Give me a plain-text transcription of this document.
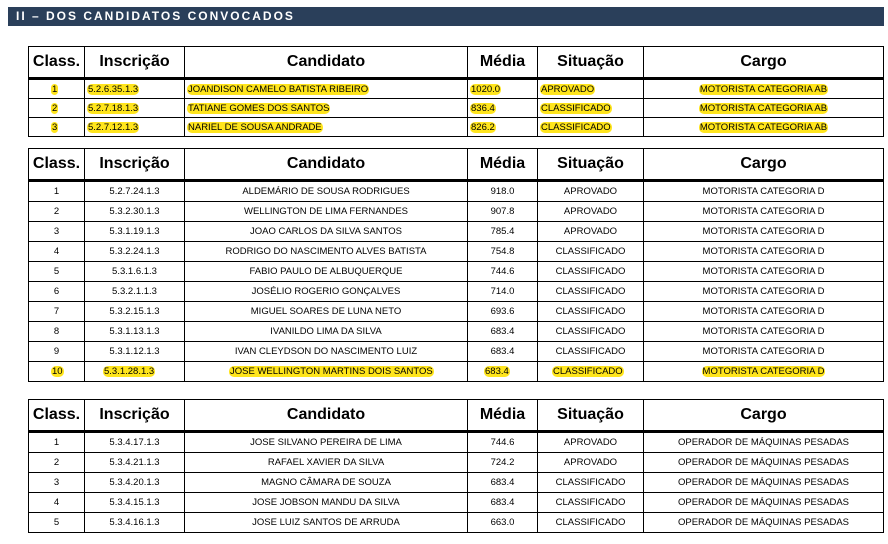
II – DOS CANDIDATOS CONVOCADOS
Class.	Inscrição	Candidato	Média	Situação	Cargo
1	5.2.6.35.1.3	JOANDISON CAMELO BATISTA RIBEIRO	1020.0	APROVADO	MOTORISTA CATEGORIA AB
2	5.2.7.18.1.3	TATIANE GOMES DOS SANTOS	836.4	CLASSIFICADO	MOTORISTA CATEGORIA AB
3	5.2.7.12.1.3	NARIEL DE SOUSA ANDRADE	826.2	CLASSIFICADO	MOTORISTA CATEGORIA AB
Class.	Inscrição	Candidato	Média	Situação	Cargo
1	5.2.7.24.1.3	ALDEMÁRIO DE SOUSA RODRIGUES	918.0	APROVADO	MOTORISTA CATEGORIA D
2	5.3.2.30.1.3	WELLINGTON DE LIMA FERNANDES	907.8	APROVADO	MOTORISTA CATEGORIA D
3	5.3.1.19.1.3	JOAO CARLOS DA SILVA SANTOS	785.4	APROVADO	MOTORISTA CATEGORIA D
4	5.3.2.24.1.3	RODRIGO DO NASCIMENTO ALVES BATISTA	754.8	CLASSIFICADO	MOTORISTA CATEGORIA D
5	5.3.1.6.1.3	FABIO PAULO DE ALBUQUERQUE	744.6	CLASSIFICADO	MOTORISTA CATEGORIA D
6	5.3.2.1.1.3	JOSÉLIO ROGERIO GONÇALVES	714.0	CLASSIFICADO	MOTORISTA CATEGORIA D
7	5.3.2.15.1.3	MIGUEL SOARES DE LUNA NETO	693.6	CLASSIFICADO	MOTORISTA CATEGORIA D
8	5.3.1.13.1.3	IVANILDO LIMA DA SILVA	683.4	CLASSIFICADO	MOTORISTA CATEGORIA D
9	5.3.1.12.1.3	IVAN CLEYDSON DO NASCIMENTO LUIZ	683.4	CLASSIFICADO	MOTORISTA CATEGORIA D
10	5.3.1.28.1.3	JOSE WELLINGTON MARTINS DOIS SANTOS	683.4	CLASSIFICADO	MOTORISTA CATEGORIA D
Class.	Inscrição	Candidato	Média	Situação	Cargo
1	5.3.4.17.1.3	JOSE SILVANO PEREIRA DE LIMA	744.6	APROVADO	OPERADOR DE MÁQUINAS PESADAS
2	5.3.4.21.1.3	RAFAEL XAVIER DA SILVA	724.2	APROVADO	OPERADOR DE MÁQUINAS PESADAS
3	5.3.4.20.1.3	MAGNO CÂMARA DE SOUZA	683.4	CLASSIFICADO	OPERADOR DE MÁQUINAS PESADAS
4	5.3.4.15.1.3	JOSE JOBSON MANDU DA SILVA	683.4	CLASSIFICADO	OPERADOR DE MÁQUINAS PESADAS
5	5.3.4.16.1.3	JOSE LUIZ SANTOS DE ARRUDA	663.0	CLASSIFICADO	OPERADOR DE MÁQUINAS PESADAS
